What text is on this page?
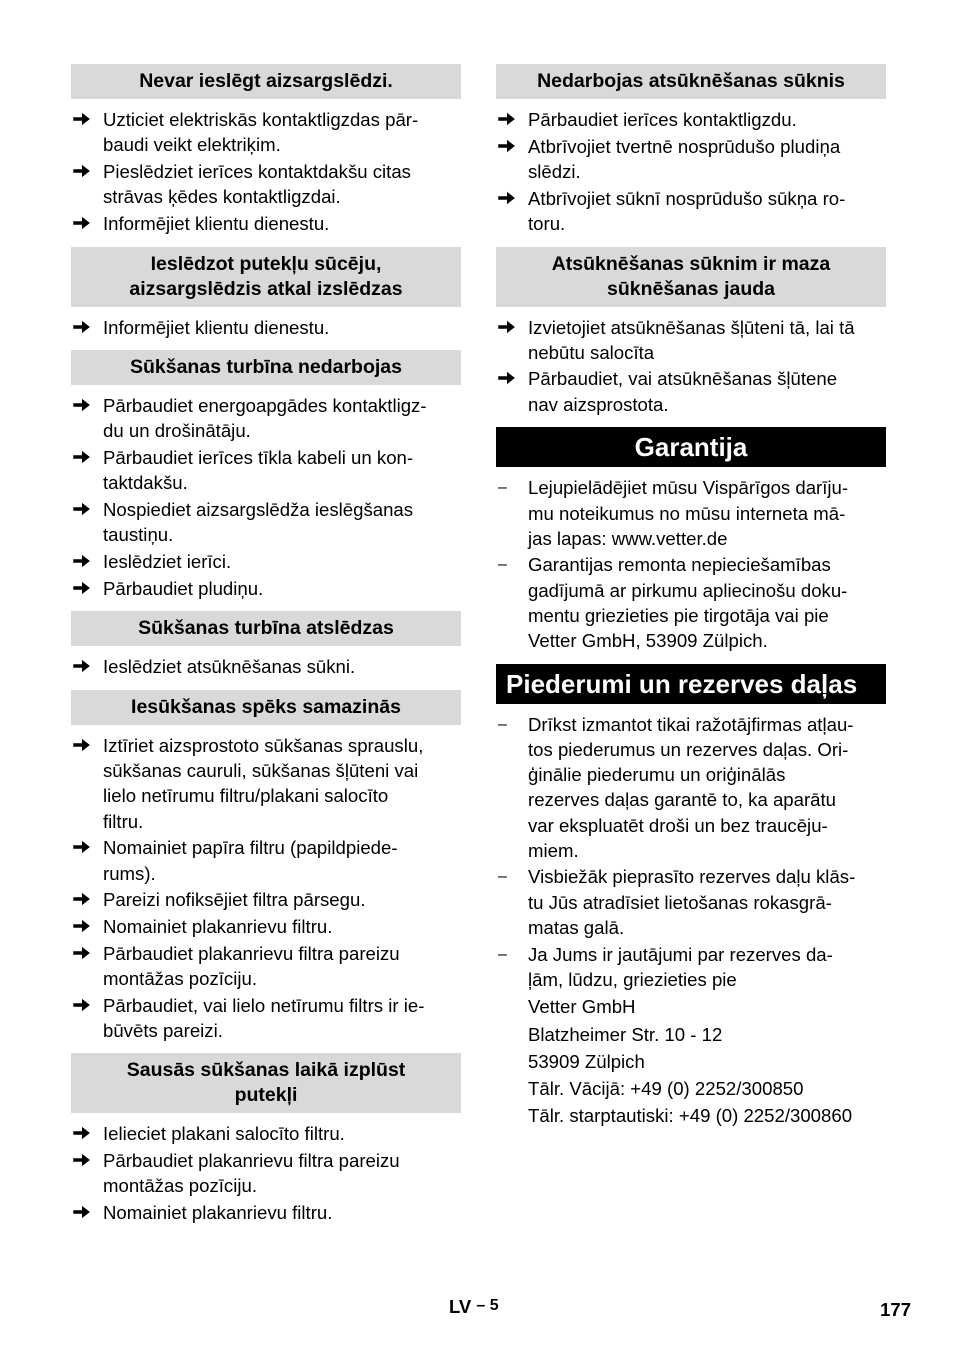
Nevar ieslēgt aizsargslēdzi.
Uzticiet elektriskās kontaktligzdas pār-
baudi veikt elektriķim.
Pieslēdziet ierīces kontaktdakšu citas
strāvas ķēdes kontaktligzdai.
Informējiet klientu dienestu.
Ieslēdzot putekļu sūcēju,
aizsargslēdzis atkal izslēdzas
Informējiet klientu dienestu.
Sūkšanas turbīna nedarbojas
Pārbaudiet energoapgādes kontaktligz-
du un drošinātāju.
Pārbaudiet ierīces tīkla kabeli un kon-
taktdakšu.
Nospiediet aizsargslēdža ieslēgšanas
taustiņu.
Ieslēdziet ierīci.
Pārbaudiet pludiņu.
Sūkšanas turbīna atslēdzas
Ieslēdziet atsūknēšanas sūkni.
Iesūkšanas spēks samazinās
Iztīriet aizsprostoto sūkšanas sprauslu,
sūkšanas cauruli, sūkšanas šļūteni vai
lielo netīrumu filtru/plakani salocīto
filtru.
Nomainiet papīra filtru (papildpiede-
rums).
Pareizi nofiksējiet filtra pārsegu.
Nomainiet plakanrievu filtru.
Pārbaudiet plakanrievu filtra pareizu
montāžas pozīciju.
Pārbaudiet, vai lielo netīrumu filtrs ir ie-
būvēts pareizi.
Sausās sūkšanas laikā izplūst
putekļi
Ielieciet plakani salocīto filtru.
Pārbaudiet plakanrievu filtra pareizu
montāžas pozīciju.
Nomainiet plakanrievu filtru.
Nedarbojas atsūknēšanas sūknis
Pārbaudiet ierīces kontaktligzdu.
Atbrīvojiet tvertnē nosprūdušo pludiņa
slēdzi.
Atbrīvojiet sūknī nosprūdušo sūkņa ro-
toru.
Atsūknēšanas sūknim ir maza
sūknēšanas jauda
Izvietojiet atsūknēšanas šļūteni tā, lai tā
nebūtu salocīta
Pārbaudiet, vai atsūknēšanas šļūtene
nav aizsprostota.
Garantija
– Lejupielādējiet mūsu Vispārīgos darīju-
mu noteikumus no mūsu interneta mā-
jas lapas: www.vetter.de
– Garantijas remonta nepieciešamības
gadījumā ar pirkumu apliecinošu doku-
mentu griezieties pie tirgotāja vai pie
Vetter GmbH, 53909 Zülpich.
Piederumi un rezerves daļas
– Drīkst izmantot tikai ražotājfirmas atļau-
tos piederumus un rezerves daļas. Ori-
ģinālie piederumu un oriģinālās
rezerves daļas garantē to, ka aparātu
var ekspluatēt droši un bez traucēju-
miem.
– Visbiežāk pieprasīto rezerves daļu klās-
tu Jūs atradīsiet lietošanas rokasgrā-
matas galā.
– Ja Jums ir jautājumi par rezerves da-
ļām, lūdzu, griezieties pie
Vetter GmbH
Blatzheimer Str. 10 - 12
53909 Zülpich
Tālr. Vācijā: +49 (0) 2252/300850
Tālr. starptautiski: +49 (0) 2252/300860
LV – 5	177
